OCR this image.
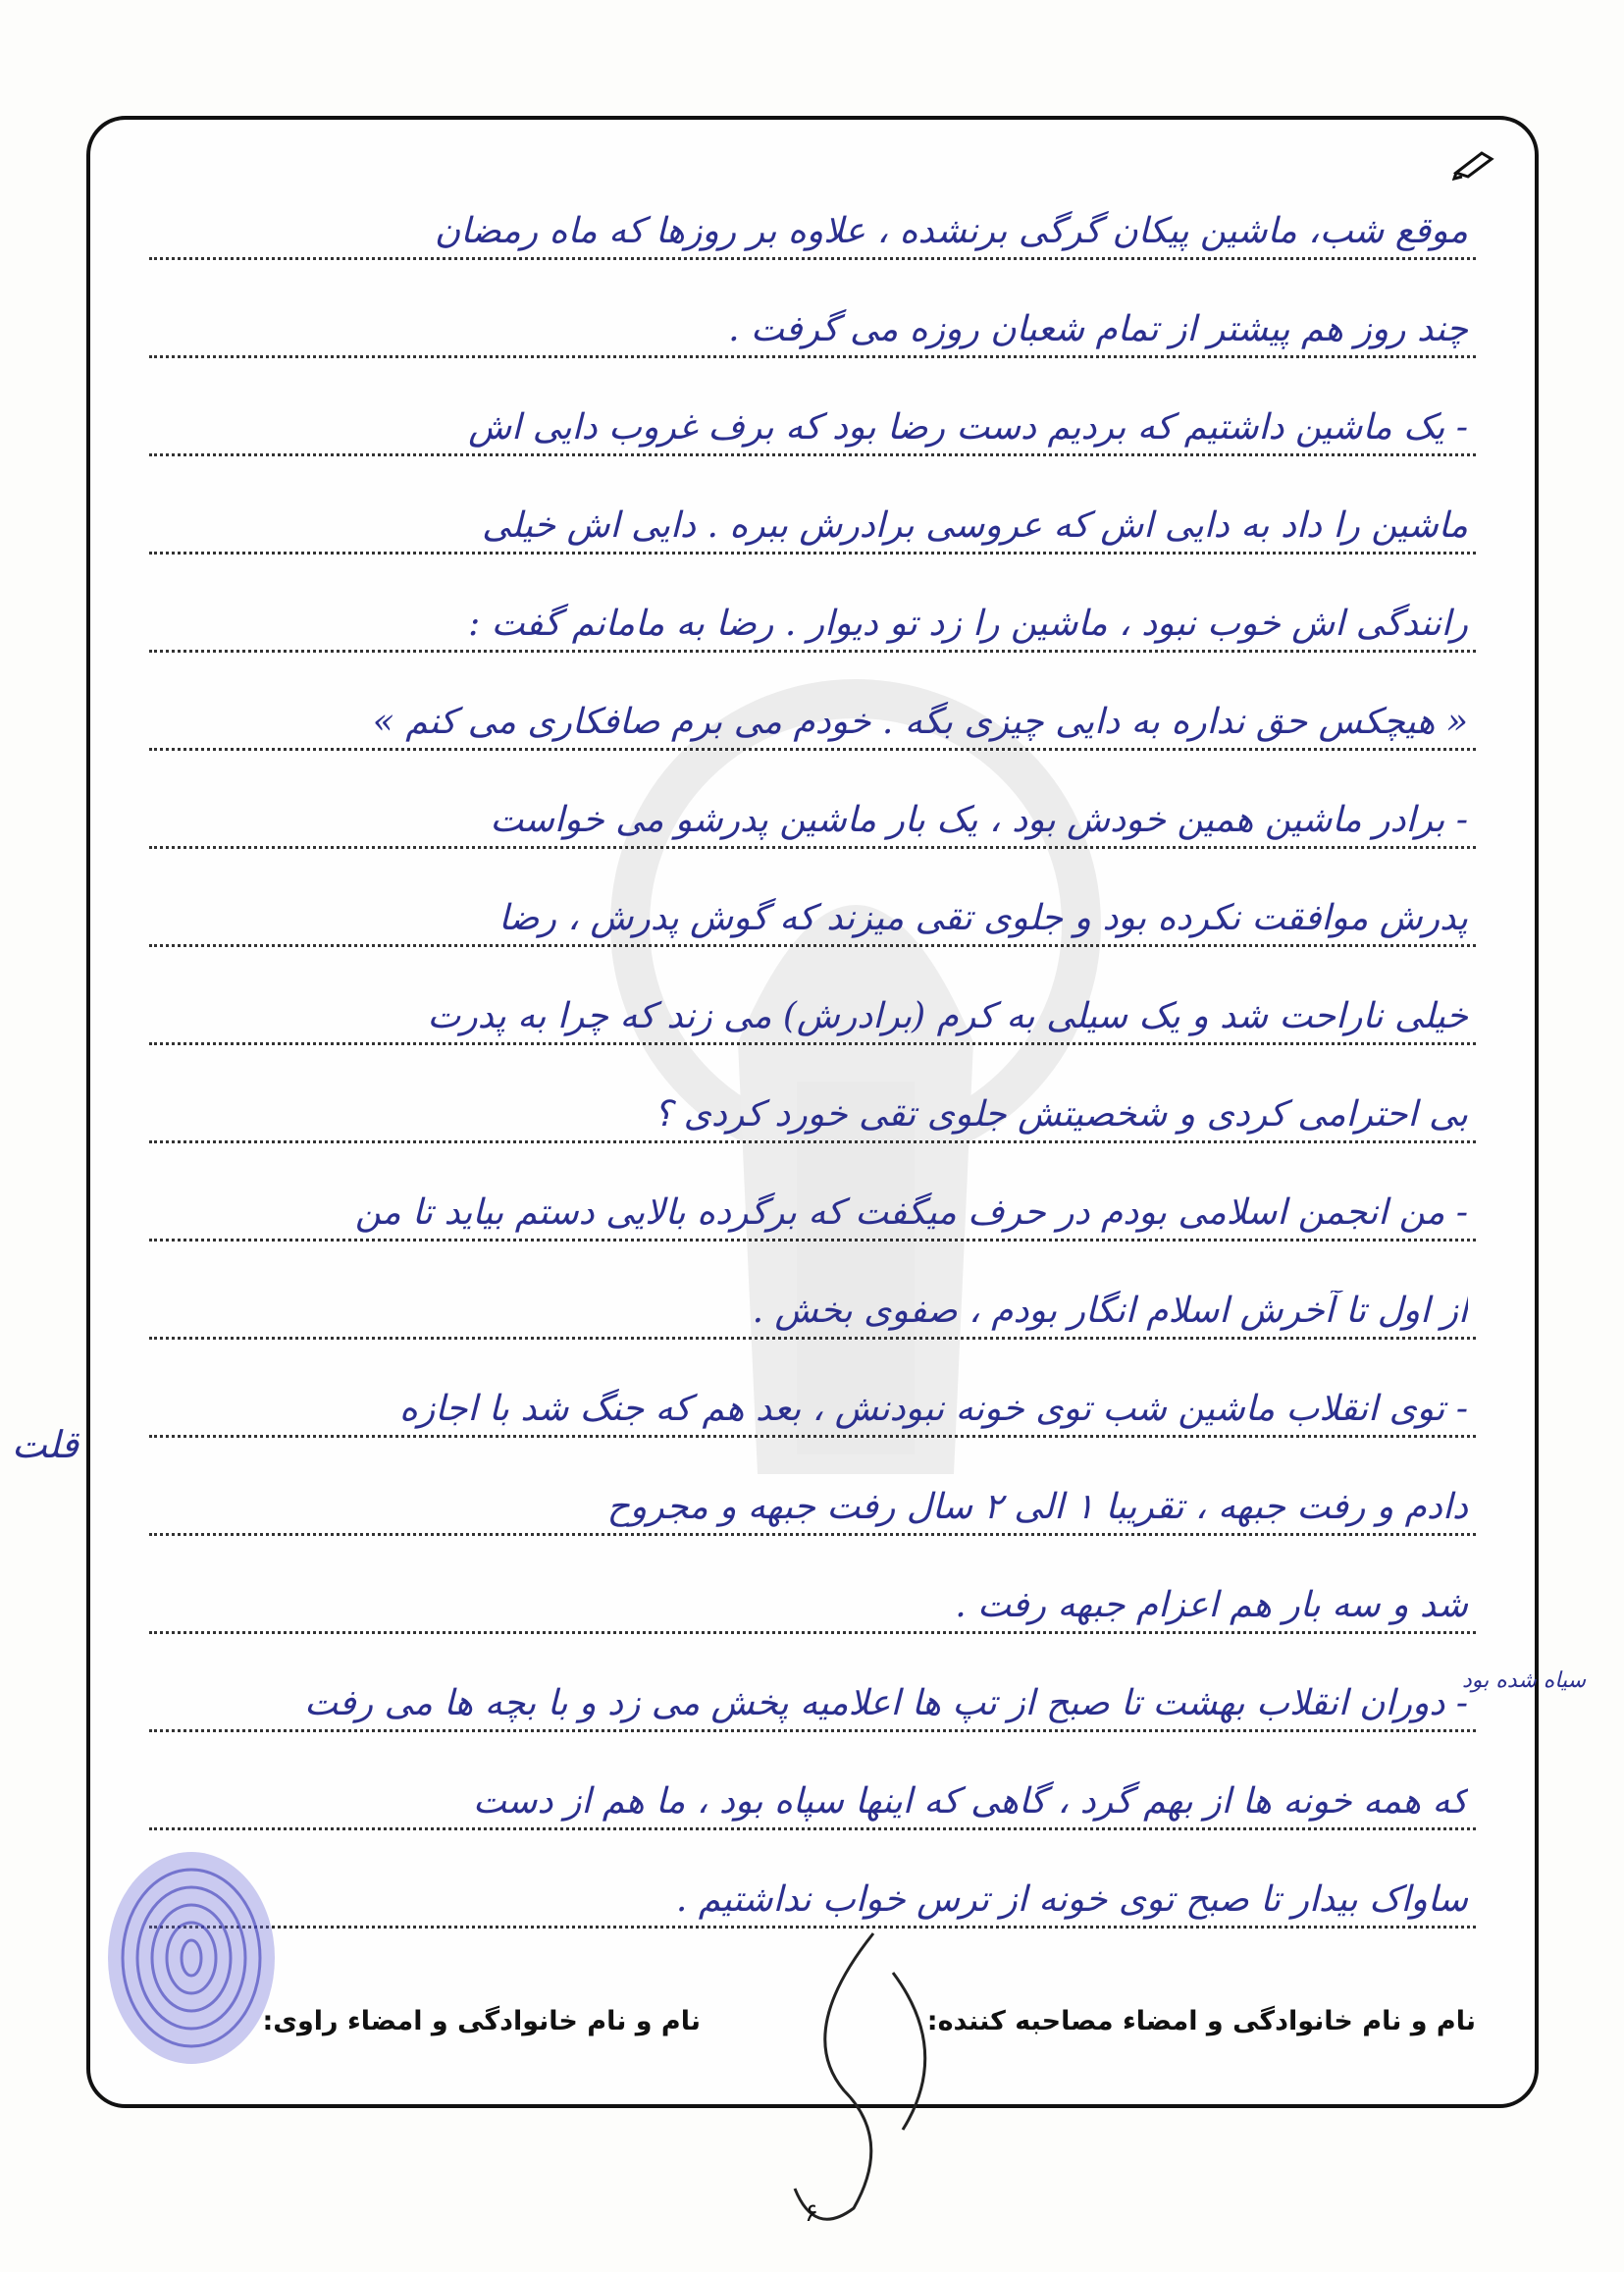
موقع شب، ماشین پیکان گرگی برنشده ، علاوه بر روزها که ماه رمضان
چند روز هم پیشتر از تمام شعبان روزه می گرفت .
- یک ماشین داشتیم که بردیم دست رضا بود که برف غروب دایی اش
ماشین را داد به دایی اش که عروسی برادرش ببره . دایی اش خیلی
رانندگی اش خوب نبود ، ماشین را زد تو دیوار . رضا به مامانم گفت :
« هیچکس حق نداره به دایی چیزی بگه . خودم می برم صافکاری می کنم »
- برادر ماشین همین خودش بود ، یک بار ماشین پدرشو می خواست
پدرش موافقت نکرده بود و جلوی تقی میزند که گوش پدرش ، رضا
خیلی ناراحت شد و یک سیلی به کرم (برادرش) می زند که چرا به پدرت
بی احترامی کردی و شخصیتش جلوی تقی خورد کردی ؟
- من انجمن اسلامی بودم در حرف میگفت که برگرده بالایی دستم بیاید تا من
از اول تا آخرش اسلام انگار بودم ، صفوی بخش .
- توی انقلاب ماشین شب توی خونه نبودنش ، بعد هم که جنگ شد با اجازه
دادم و رفت جبهه ، تقریبا ۱ الی ۲ سال رفت جبهه و مجروح
شد و سه بار هم اعزام جبهه رفت .
- دوران انقلاب بهشت تا صبح از تپ ها اعلامیه پخش می زد و با بچه ها می رفت
که همه خونه ها از بهم گرد ، گاهی که اینها سپاه بود ، ما هم از دست
ساواک بیدار تا صبح توی خونه از ترس خواب نداشتیم .
نام و نام خانوادگی و امضاء مصاحبه کننده:
نام و نام خانوادگی و امضاء راوی:
قلت
سیاه شده بود
۶
